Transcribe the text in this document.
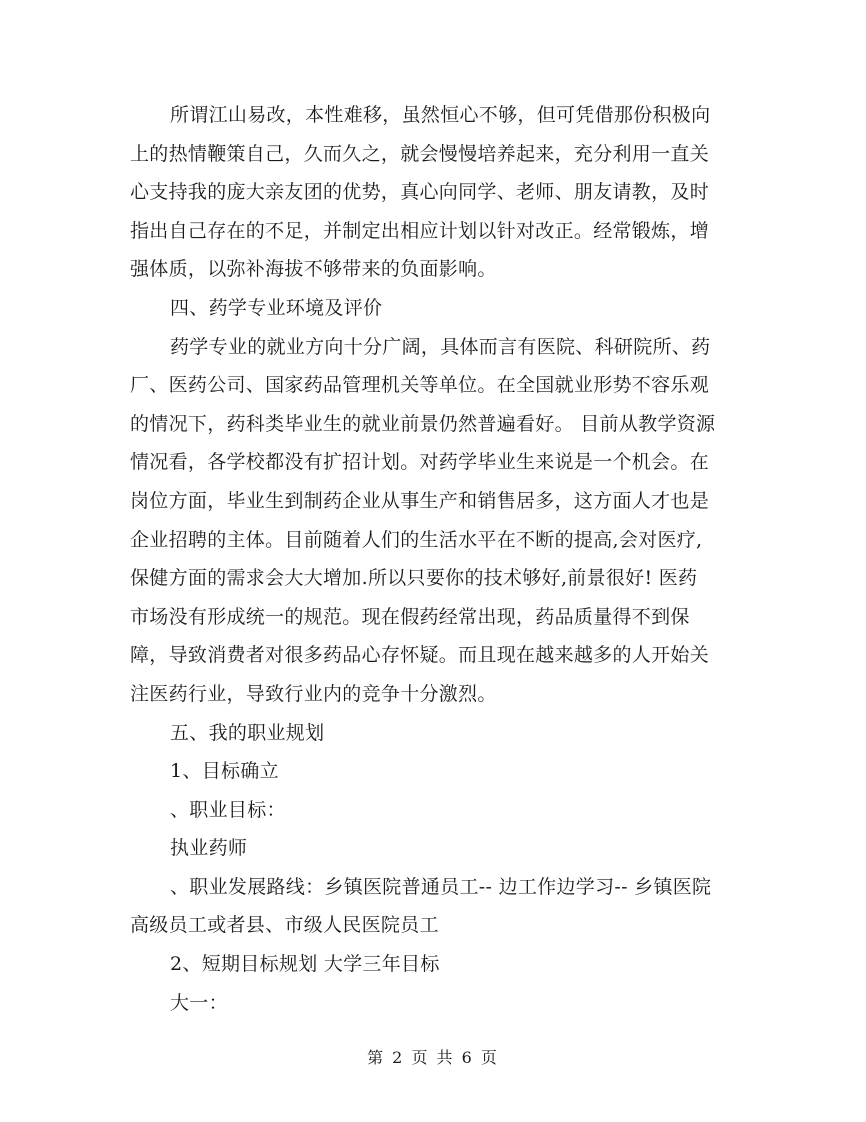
所谓江山易改，本性难移，虽然恒心不够，但可凭借那份积极向
上的热情鞭策自己，久而久之，就会慢慢培养起来，充分利用一直关
心支持我的庞大亲友团的优势，真心向同学、老师、朋友请教，及时
指出自己存在的不足，并制定出相应计划以针对改正。经常锻炼，增
强体质，以弥补海拔不够带来的负面影响。
四、药学专业环境及评价
药学专业的就业方向十分广阔，具体而言有医院、科研院所、药
厂、医药公司、国家药品管理机关等单位。在全国就业形势不容乐观
的情况下，药科类毕业生的就业前景仍然普遍看好。 目前从教学资源
情况看，各学校都没有扩招计划。对药学毕业生来说是一个机会。在
岗位方面，毕业生到制药企业从事生产和销售居多，这方面人才也是
企业招聘的主体。目前随着人们的生活水平在不断的提高,会对医疗,
保健方面的需求会大大增加.所以只要你的技术够好,前景很好! 医药
市场没有形成统一的规范。现在假药经常出现，药品质量得不到保
障，导致消费者对很多药品心存怀疑。而且现在越来越多的人开始关
注医药行业，导致行业内的竞争十分激烈。
五、我的职业规划
1、目标确立
、职业目标：
执业药师
、职业发展路线：乡镇医院普通员工-- 边工作边学习-- 乡镇医院
高级员工或者县、市级人民医院员工
2、短期目标规划 大学三年目标
大一：
第 2 页 共 6 页
